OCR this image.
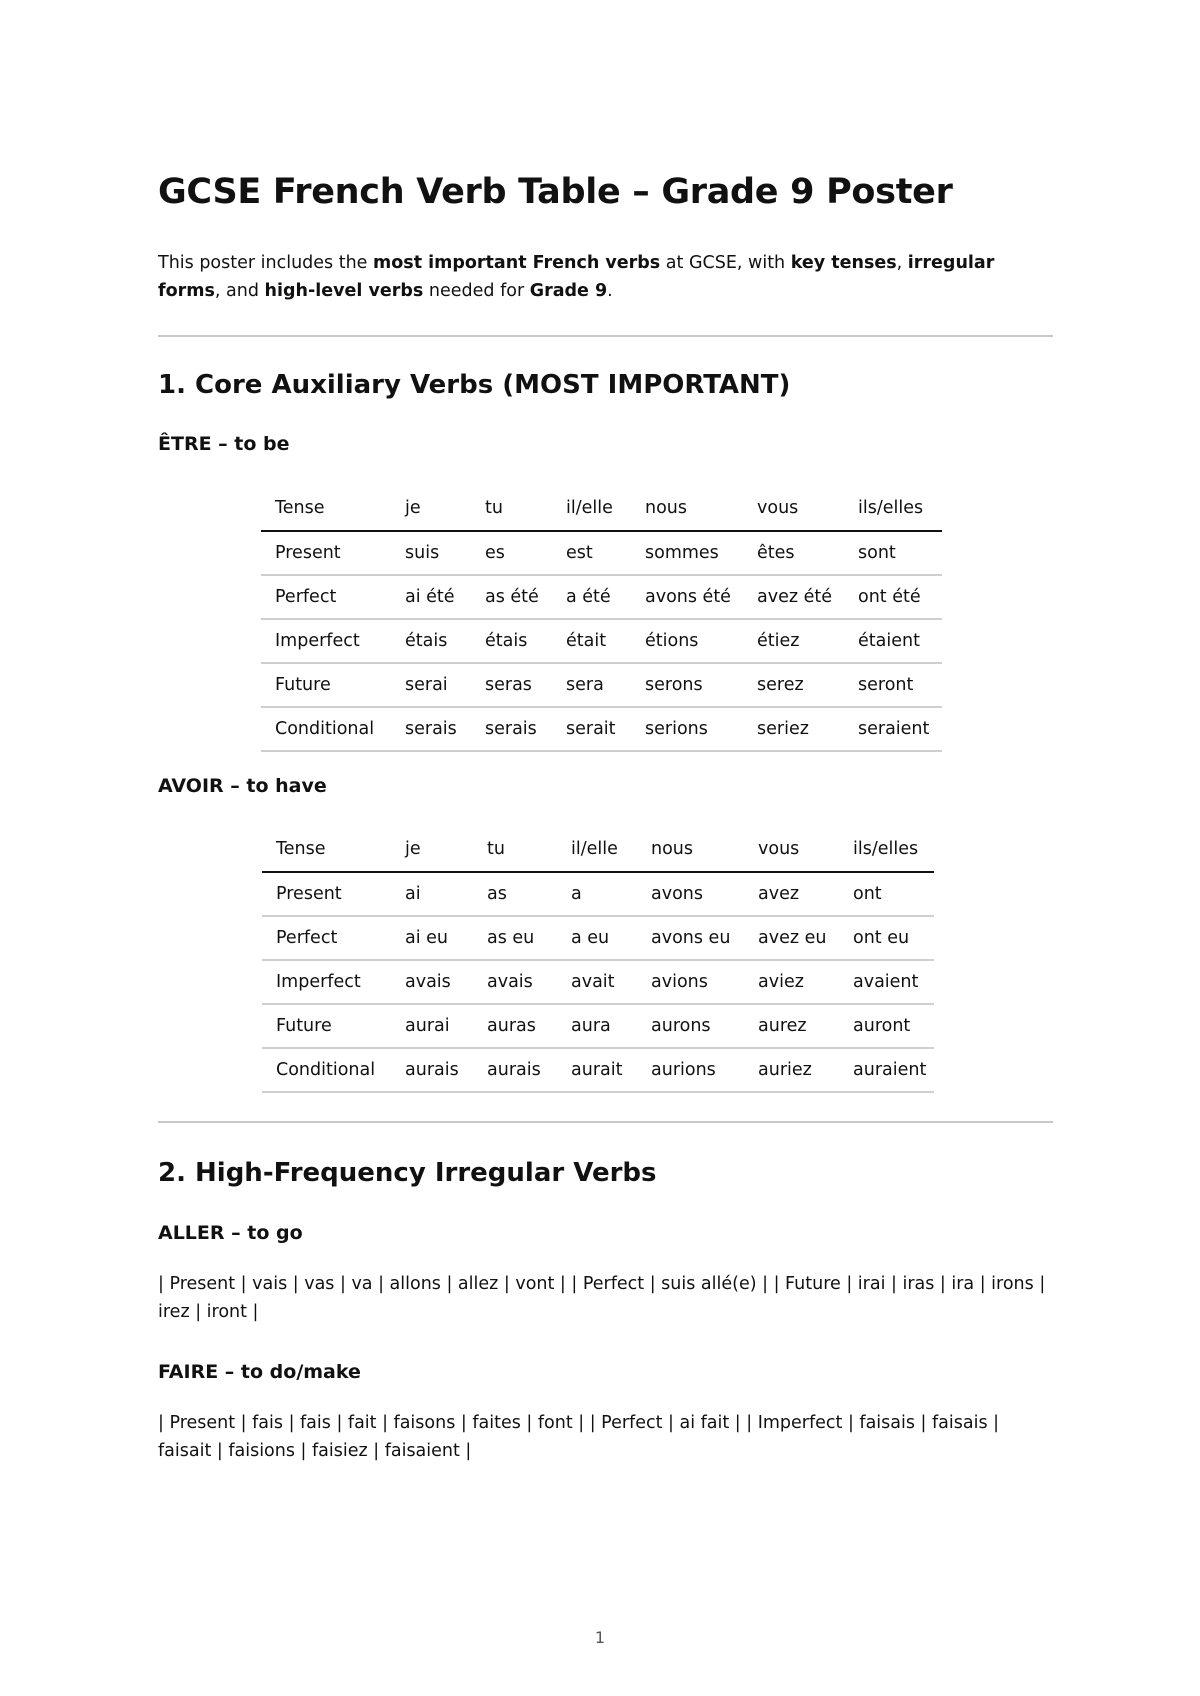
GCSE French Verb Table – Grade 9 Poster

This poster includes the most important French verbs at GCSE, with key tenses, irregular forms, and high-level verbs needed for Grade 9.

1. Core Auxiliary Verbs (MOST IMPORTANT)
ÊTRE – to be
Tense	je	tu	il/elle	nous	vous	ils/elles
Present	suis	es	est	sommes	êtes	sont
Perfect	ai été	as été	a été	avons été	avez été	ont été
Imperfect	étais	étais	était	étions	étiez	étaient
Future	serai	seras	sera	serons	serez	seront
Conditional	serais	serais	serait	serions	seriez	seraient
AVOIR – to have
Tense	je	tu	il/elle	nous	vous	ils/elles
Present	ai	as	a	avons	avez	ont
Perfect	ai eu	as eu	a eu	avons eu	avez eu	ont eu
Imperfect	avais	avais	avait	avions	aviez	avaient
Future	aurai	auras	aura	aurons	aurez	auront
Conditional	aurais	aurais	aurait	aurions	auriez	auraient
2. High-Frequency Irregular Verbs
ALLER – to go

| Present | vais | vas | va | allons | allez | vont | | Perfect | suis allé(e) | | Future | irai | iras | ira | irons | irez | iront |

FAIRE – to do/make

| Present | fais | fais | fait | faisons | faites | font | | Perfect | ai fait | | Imperfect | faisais | faisais | faisait | faisions | faisiez | faisaient |

1
